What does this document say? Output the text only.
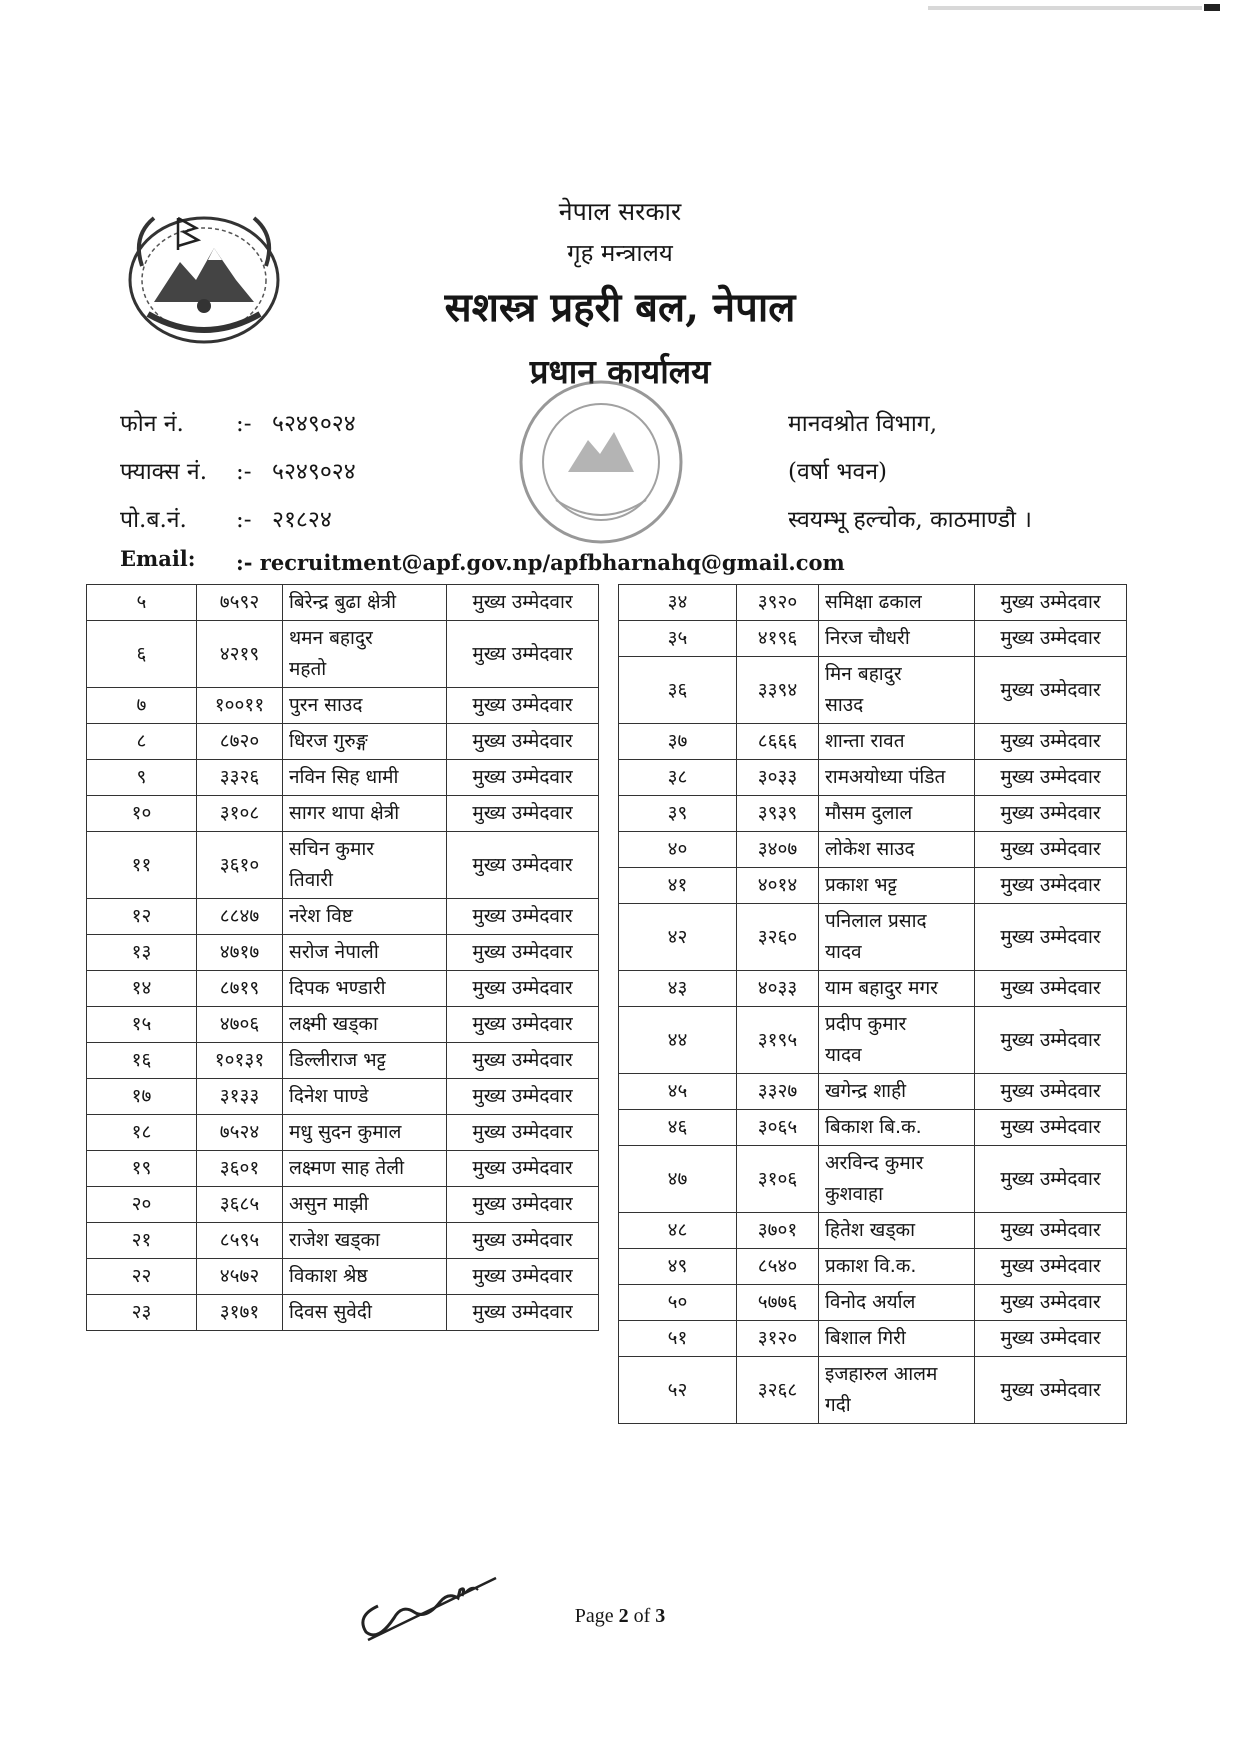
नेपाल सरकार
गृह मन्त्रालय
सशस्त्र प्रहरी बल, नेपाल
प्रधान कार्यालय
फोन नं. :- ५२४९०२४
फ्याक्स नं. :- ५२४९०२४
पो.ब.नं. :- २१८२४
मानवश्रोत विभाग,
(वर्षा भवन)
स्वयम्भू हल्चोक, काठमाण्डौ ।
Email: :- recruitment@apf.gov.np/apfbharnahq@gmail.com
५	७५९२	बिरेन्द्र बुढा क्षेत्री	मुख्य उम्मेदवार
६	४२१९	थमन बहादुर
महतो	मुख्य उम्मेदवार
७	१००११	पुरन साउद	मुख्य उम्मेदवार
८	८७२०	धिरज गुरुङ्ग	मुख्य उम्मेदवार
९	३३२६	नविन सिह धामी	मुख्य उम्मेदवार
१०	३१०८	सागर थापा क्षेत्री	मुख्य उम्मेदवार
११	३६१०	सचिन कुमार
तिवारी	मुख्य उम्मेदवार
१२	८८४७	नरेश विष्ट	मुख्य उम्मेदवार
१३	४७१७	सरोज नेपाली	मुख्य उम्मेदवार
१४	८७१९	दिपक भण्डारी	मुख्य उम्मेदवार
१५	४७०६	लक्ष्मी खड्का	मुख्य उम्मेदवार
१६	१०१३१	डिल्लीराज भट्ट	मुख्य उम्मेदवार
१७	३१३३	दिनेश पाण्डे	मुख्य उम्मेदवार
१८	७५२४	मधु सुदन कुमाल	मुख्य उम्मेदवार
१९	३६०१	लक्ष्मण साह तेली	मुख्य उम्मेदवार
२०	३६८५	असुन माझी	मुख्य उम्मेदवार
२१	८५९५	राजेश खड्का	मुख्य उम्मेदवार
२२	४५७२	विकाश श्रेष्ठ	मुख्य उम्मेदवार
२३	३१७१	दिवस सुवेदी	मुख्य उम्मेदवार
३४	३९२०	समिक्षा ढकाल	मुख्य उम्मेदवार
३५	४१९६	निरज चौधरी	मुख्य उम्मेदवार
३६	३३९४	मिन बहादुर
साउद	मुख्य उम्मेदवार
३७	८६६६	शान्ता रावत	मुख्य उम्मेदवार
३८	३०३३	रामअयोध्या पंडित	मुख्य उम्मेदवार
३९	३९३९	मौसम दुलाल	मुख्य उम्मेदवार
४०	३४०७	लोकेश साउद	मुख्य उम्मेदवार
४१	४०१४	प्रकाश भट्ट	मुख्य उम्मेदवार
४२	३२६०	पनिलाल प्रसाद
यादव	मुख्य उम्मेदवार
४३	४०३३	याम बहादुर मगर	मुख्य उम्मेदवार
४४	३१९५	प्रदीप कुमार
यादव	मुख्य उम्मेदवार
४५	३३२७	खगेन्द्र शाही	मुख्य उम्मेदवार
४६	३०६५	बिकाश बि.क.	मुख्य उम्मेदवार
४७	३१०६	अरविन्द कुमार
कुशवाहा	मुख्य उम्मेदवार
४८	३७०१	हितेश खड्का	मुख्य उम्मेदवार
४९	८५४०	प्रकाश वि.क.	मुख्य उम्मेदवार
५०	५७७६	विनोद अर्याल	मुख्य उम्मेदवार
५१	३१२०	बिशाल गिरी	मुख्य उम्मेदवार
५२	३२६८	इजहारुल आलम
गदी	मुख्य उम्मेदवार
Page 2 of 3
